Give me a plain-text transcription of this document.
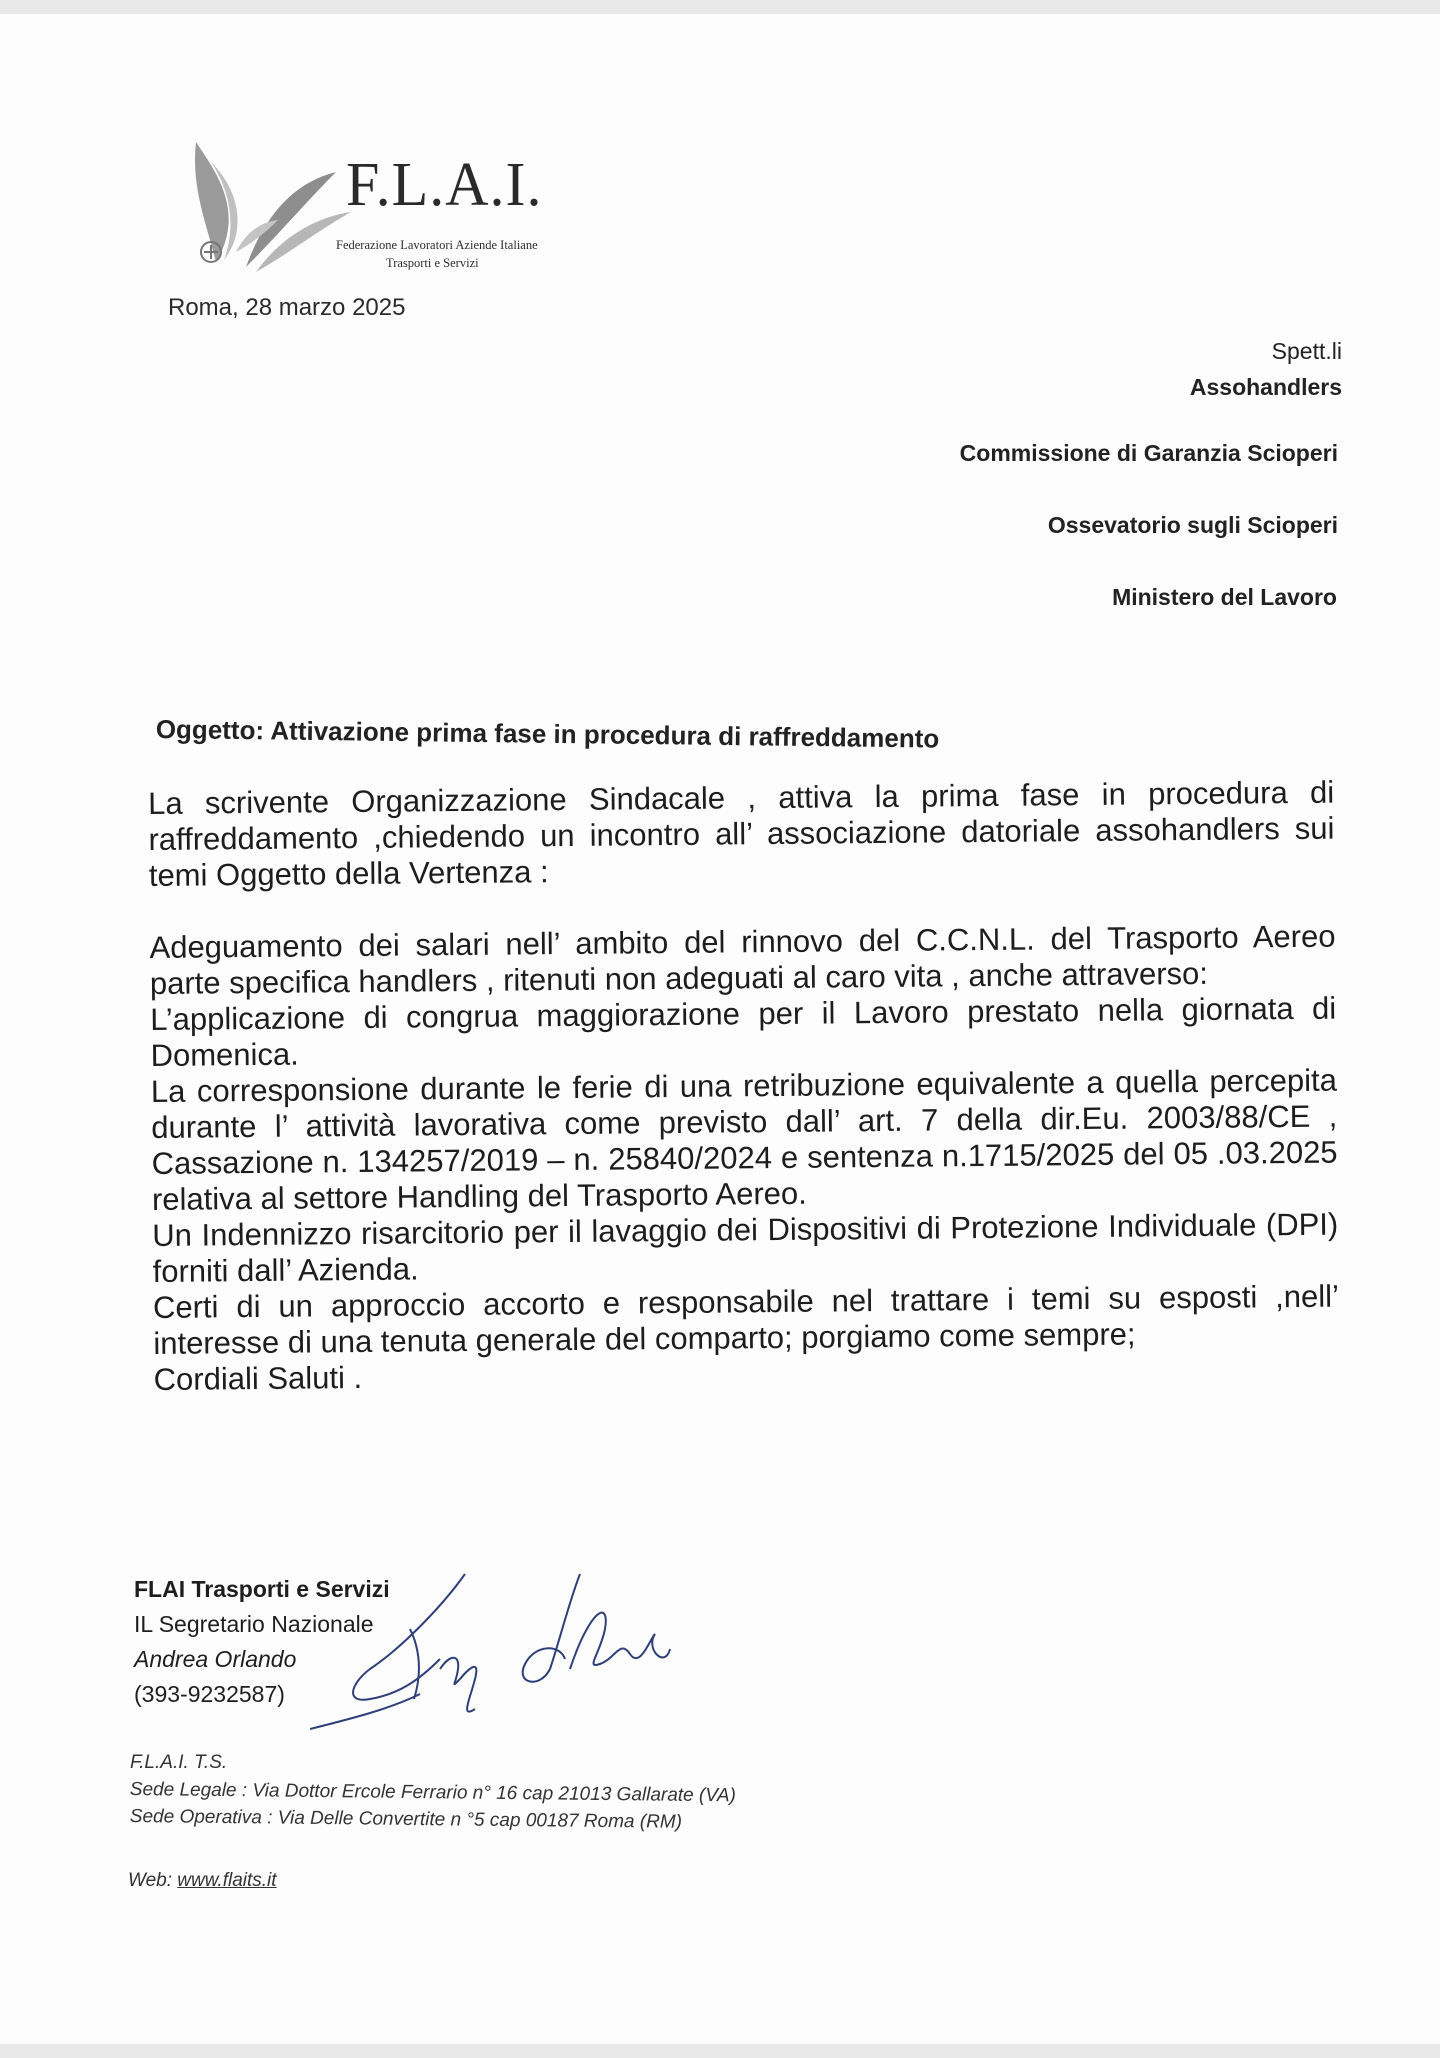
F.L.A.I.
Federazione Lavoratori Aziende Italiane
Trasporti e Servizi
Roma, 28 marzo 2025
Spett.li
Assohandlers
Commissione di Garanzia Scioperi
Ossevatorio sugli Scioperi
Ministero del Lavoro
Oggetto: Attivazione prima fase in procedura di raffreddamento

La scrivente Organizzazione Sindacale , attiva la prima fase in procedura di raffreddamento ,chiedendo un incontro all’ associazione datoriale assohandlers sui temi Oggetto della Vertenza :

Adeguamento dei salari nell’ ambito del rinnovo del C.C.N.L. del Trasporto Aereo parte specifica handlers , ritenuti non adeguati al caro vita , anche attraverso:
L’applicazione di congrua maggiorazione per il Lavoro prestato nella giornata di Domenica.
La corresponsione durante le ferie di una retribuzione equivalente a quella percepita durante l’ attività lavorativa come previsto dall’ art. 7 della dir.Eu. 2003/88/CE , Cassazione n. 134257/2019 – n. 25840/2024 e sentenza n.1715/2025 del 05 .03.2025 relativa al settore Handling del Trasporto Aereo.
Un Indennizzo risarcitorio per il lavaggio dei Dispositivi di Protezione Individuale (DPI) forniti dall’ Azienda.
Certi di un approccio accorto e responsabile nel trattare i temi su esposti ,nell’ interesse di una tenuta generale del comparto; porgiamo come sempre;
Cordiali Saluti .
FLAI Trasporti e Servizi
IL Segretario Nazionale
Andrea Orlando
(393-9232587)
F.L.A.I. T.S.
Sede Legale : Via Dottor Ercole Ferrario n° 16 cap 21013 Gallarate (VA)
Sede Operativa : Via Delle Convertite n °5 cap 00187 Roma (RM)
Web: www.flaits.it
